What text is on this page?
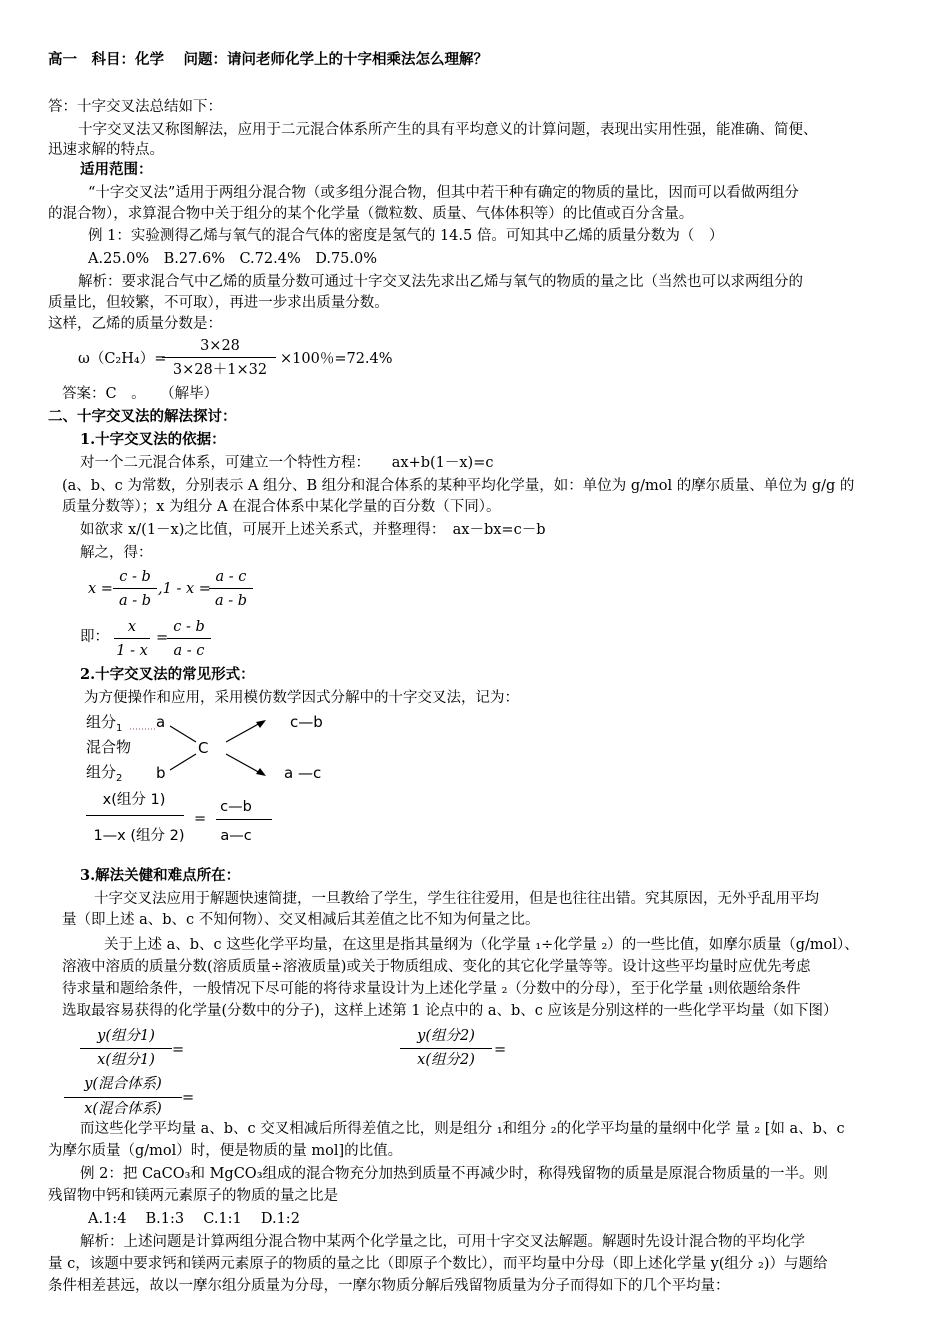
高一　科目：化学　 问题：请问老师化学上的十字相乘法怎么理解？
答：十字交叉法总结如下：
十字交叉法又称图解法，应用于二元混合体系所产生的具有平均意义的计算问题，表现出实用性强，能准确、简便、
迅速求解的特点。
适用范围：
“十字交叉法”适用于两组分混合物（或多组分混合物，但其中若干种有确定的物质的量比，因而可以看做两组分
的混合物），求算混合物中关于组分的某个化学量（微粒数、质量、气体体积等）的比值或百分含量。
例 1：实验测得乙烯与氧气的混合气体的密度是氢气的 14.5 倍。可知其中乙烯的质量分数为（　）
A.25.0%　B.27.6%　C.72.4%　D.75.0%
解析：要求混合气中乙烯的质量分数可通过十字交叉法先求出乙烯与氧气的物质的量之比（当然也可以求两组分的
质量比，但较繁，不可取），再进一步求出质量分数。
这样，乙烯的质量分数是：
ω（C₂H₄）=
3×28
3×28＋1×32
×100％=72.4%
答案：C　。　　（解毕）
二、十字交叉法的解法探讨：
1.十字交叉法的依据：
对一个二元混合体系，可建立一个特性方程：　　ax+b(1－x)=c
(a、b、c 为常数，分别表示 A 组分、B 组分和混合体系的某种平均化学量，如：单位为 g/mol 的摩尔质量、单位为 g/g 的
质量分数等）；x 为组分 A 在混合体系中某化学量的百分数（下同）。
如欲求 x/(1－x)之比值，可展开上述关系式，并整理得：　ax－bx=c－b
解之，得：
x =
c - b
a - b
,1 - x =
a - c
a - b
即：
x
1 - x
=
c - b
a - c
2.十字交叉法的常见形式：
为方便操作和应用，采用模仿数学因式分解中的十字交叉法，记为：
组分$_1$ a
混合物	C
组分$_2$ b
c—b
a —c
x(组分 1)
1—x (组分 2)
=
c—b
a—c
3.解法关健和难点所在：
十字交叉法应用于解题快速简捷，一旦教给了学生，学生往往爱用，但是也往往出错。究其原因，无外乎乱用平均
量（即上述 a、b、c 不知何物）、交叉相减后其差值之比不知为何量之比。
关于上述 a、b、c 这些化学平均量，在这里是指其量纲为（化学量 ₁÷化学量 ₂）的一些比值，如摩尔质量（g/mol）、
溶液中溶质的质量分数(溶质质量÷溶液质量)或关于物质组成、变化的其它化学量等等。设计这些平均量时应优先考虑
待求量和题给条件，一般情况下尽可能的将待求量设计为上述化学量 ₂（分数中的分母），至于化学量 ₁则依题给条件
选取最容易获得的化学量(分数中的分子)，这样上述第 1 论点中的 a、b、c 应该是分别这样的一些化学平均量（如下图）
y(组分1)
x(组分1)
=
y(组分2)
x(组分2)
=
y(混合体系)
x(混合体系)
=
而这些化学平均量 a、b、c 交叉相减后所得差值之比，则是组分 ₁和组分 ₂的化学平均量的量纲中化学 量 ₂ [如 a、b、c
为摩尔质量（g/mol）时，便是物质的量 mol]的比值。
例 2：把 CaCO₃和 MgCO₃组成的混合物充分加热到质量不再减少时，称得残留物的质量是原混合物质量的一半。则
残留物中钙和镁两元素原子的物质的量之比是
A.1:4　 B.1:3　 C.1:1　 D.1:2
解析：上述问题是计算两组分混合物中某两个化学量之比，可用十字交叉法解题。解题时先设计混合物的平均化学
量 c，该题中要求钙和镁两元素原子的物质的量之比（即原子个数比），而平均量中分母（即上述化学量 y(组分 ₂)）与题给
条件相差甚远，故以一摩尔组分质量为分母，一摩尔物质分解后残留物质量为分子而得如下的几个平均量：
